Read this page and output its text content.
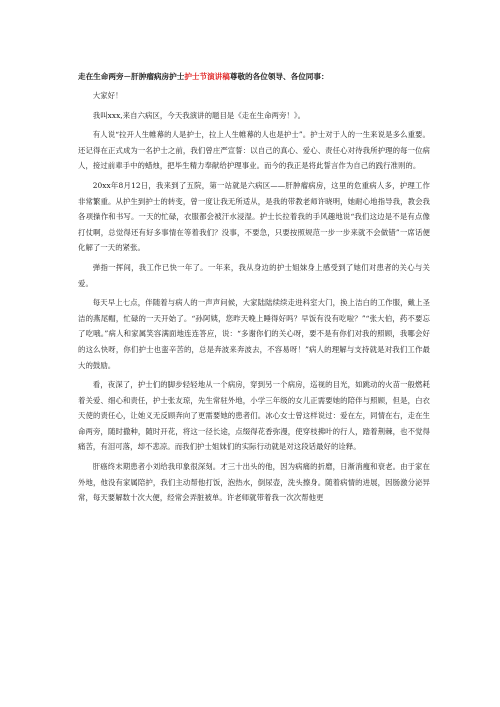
走在生命两旁－肝肿瘤病房护士护士节演讲稿尊敬的各位领导、各位同事：

大家好！

我叫xxx,来自六病区，今天我演讲的题目是《走在生命两旁！》。

有人说“拉开人生帷幕的人是护士，拉上人生帷幕的人也是护士”。护士对于人的一生来说是多么重要。还记得在正式成为一名护士之前，我们曾庄严宣誓：以自己的真心、爱心、责任心对待我所护理的每一位病人，接过前辈手中的蜡烛，把毕生精力奉献给护理事业。而今的我正是将此誓言作为自己的践行准则的。

20xx年8月12日，我来到了五院，第一站就是六病区——肝肿瘤病房，这里的危重病人多，护理工作非常繁重。从护生到护士的转变，曾一度让我无所适从，是我的带教老师许晓明，她耐心地指导我，教会我各项操作和书写。一天的忙碌，衣服都会被汗水浸湿。护士长拉着我的手风趣地说“我们这边是不是有点像打仗啊，总觉得还有好多事情在等着我们？没事，不要急，只要按照规范一步一步来就不会做错”一席话便化解了一天的紧张。

弹指一挥间，我工作已快一年了。一年来，我从身边的护士姐妹身上感受到了她们对患者的关心与关爱。

每天早上七点，伴随着与病人的一声声问候，大家陆陆续续走进科室大门，换上洁白的工作服，戴上圣洁的燕尾帽，忙碌的一天开始了。“孙阿姨，您昨天晚上睡得好吗？早饭有没有吃啦？”“张大伯，药不要忘了吃哦。”病人和家属笑容满面地连连答应，说：“多谢你们的关心呀，要不是有你们对我的照顾，我哪会好的这么快呀，你们护士也蛮辛苦的，总是奔波来奔波去，不容易呀！”病人的理解与支持就是对我们工作最大的鼓励。

看，夜深了，护士们的脚步轻轻地从一个病房，穿到另一个病房，巡视的目光，如跳动的火苗一般燃耗着关爱、细心和责任，护士张友琼，先生常驻外地，小学三年级的女儿正需要她的陪伴与照顾，但是，白衣天使的责任心，让她义无反顾奔向了更需要她的患者们。冰心女士曾这样说过：爱在左，同情在右，走在生命两旁，随时撒种，随时开花，将这一径长途，点缀得花香弥漫，使穿枝拂叶的行人，踏着荆棘，也不觉得痛苦，有泪可落，却不悲凉。而我们护士姐妹们的实际行动就是对这段话最好的诠释。

肝癌终末期患者小刘给我印象很深刻。才三十出头的他，因为病痛的折磨，日渐消瘦和衰老。由于家在外地，他没有家属陪护，我们主动帮他打饭，泡热水，倒尿壶，洗头擦身。随着病情的进展，因肠激分泌异常，每天要解数十次大便，经常会弄脏被单。许老师就带着我一次次帮他更
